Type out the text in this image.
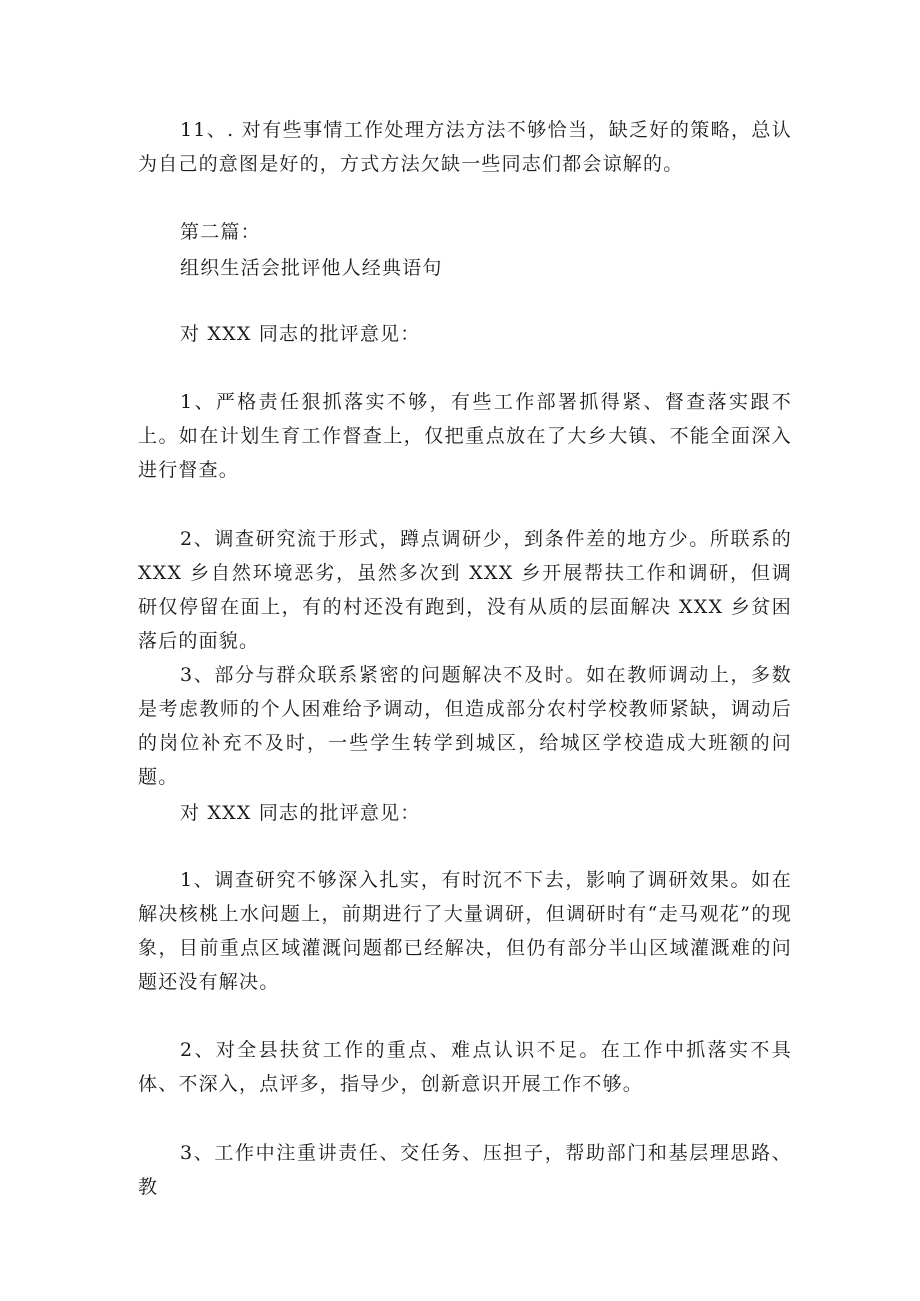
11、. 对有些事情工作处理方法方法不够恰当，缺乏好的策略，总认为自己的意图是好的，方式方法欠缺一些同志们都会谅解的。

第二篇：

组织生活会批评他人经典语句

对 XXX 同志的批评意见：

1、严格责任狠抓落实不够，有些工作部署抓得紧、督查落实跟不上。如在计划生育工作督查上，仅把重点放在了大乡大镇、不能全面深入进行督查。

2、调查研究流于形式，蹲点调研少，到条件差的地方少。所联系的 XXX 乡自然环境恶劣，虽然多次到 XXX 乡开展帮扶工作和调研，但调研仅停留在面上，有的村还没有跑到，没有从质的层面解决 XXX 乡贫困落后的面貌。

3、部分与群众联系紧密的问题解决不及时。如在教师调动上，多数是考虑教师的个人困难给予调动，但造成部分农村学校教师紧缺，调动后的岗位补充不及时，一些学生转学到城区，给城区学校造成大班额的问题。

对 XXX 同志的批评意见：

1、调查研究不够深入扎实，有时沉不下去，影响了调研效果。如在解决核桃上水问题上，前期进行了大量调研，但调研时有“走马观花”的现象，目前重点区域灌溉问题都已经解决，但仍有部分半山区域灌溉难的问题还没有解决。

2、对全县扶贫工作的重点、难点认识不足。在工作中抓落实不具体、不深入，点评多，指导少，创新意识开展工作不够。

3、工作中注重讲责任、交任务、压担子，帮助部门和基层理思路、教
